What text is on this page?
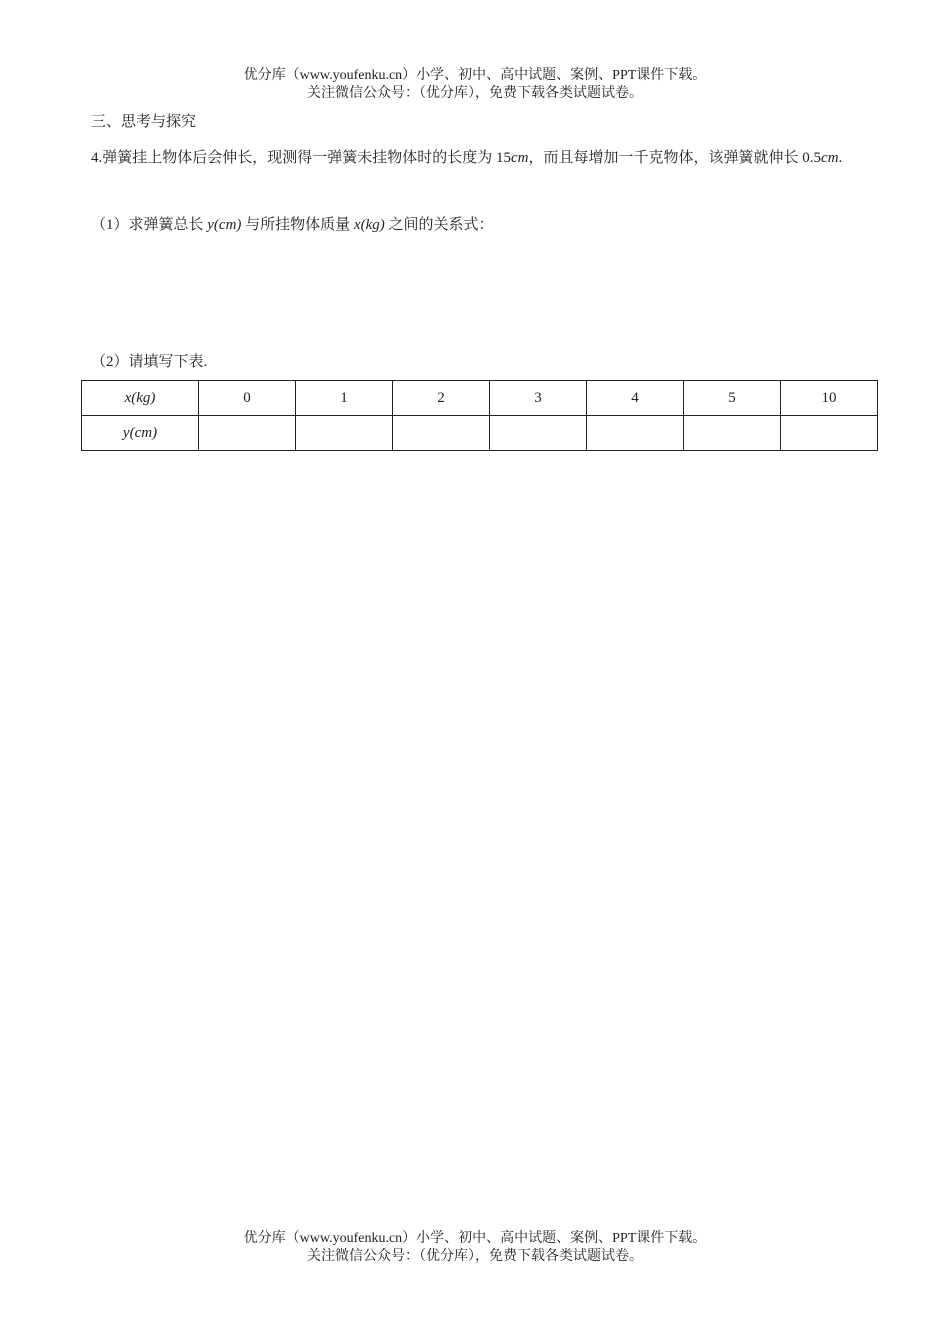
优分库（www.youfenku.cn）小学、初中、高中试题、案例、PPT课件下载。
关注微信公众号：（优分库），免费下载各类试题试卷。
三、思考与探究
4.弹簧挂上物体后会伸长，现测得一弹簧未挂物体时的长度为 15cm，而且每增加一千克物体，该弹簧就伸长 0.5cm.
（1）求弹簧总长 y(cm) 与所挂物体质量 x(kg) 之间的关系式：
（2）请填写下表.
x(kg)	0	1	2	3	4	5	10
y(cm)							
优分库（www.youfenku.cn）小学、初中、高中试题、案例、PPT课件下载。
关注微信公众号：（优分库），免费下载各类试题试卷。
